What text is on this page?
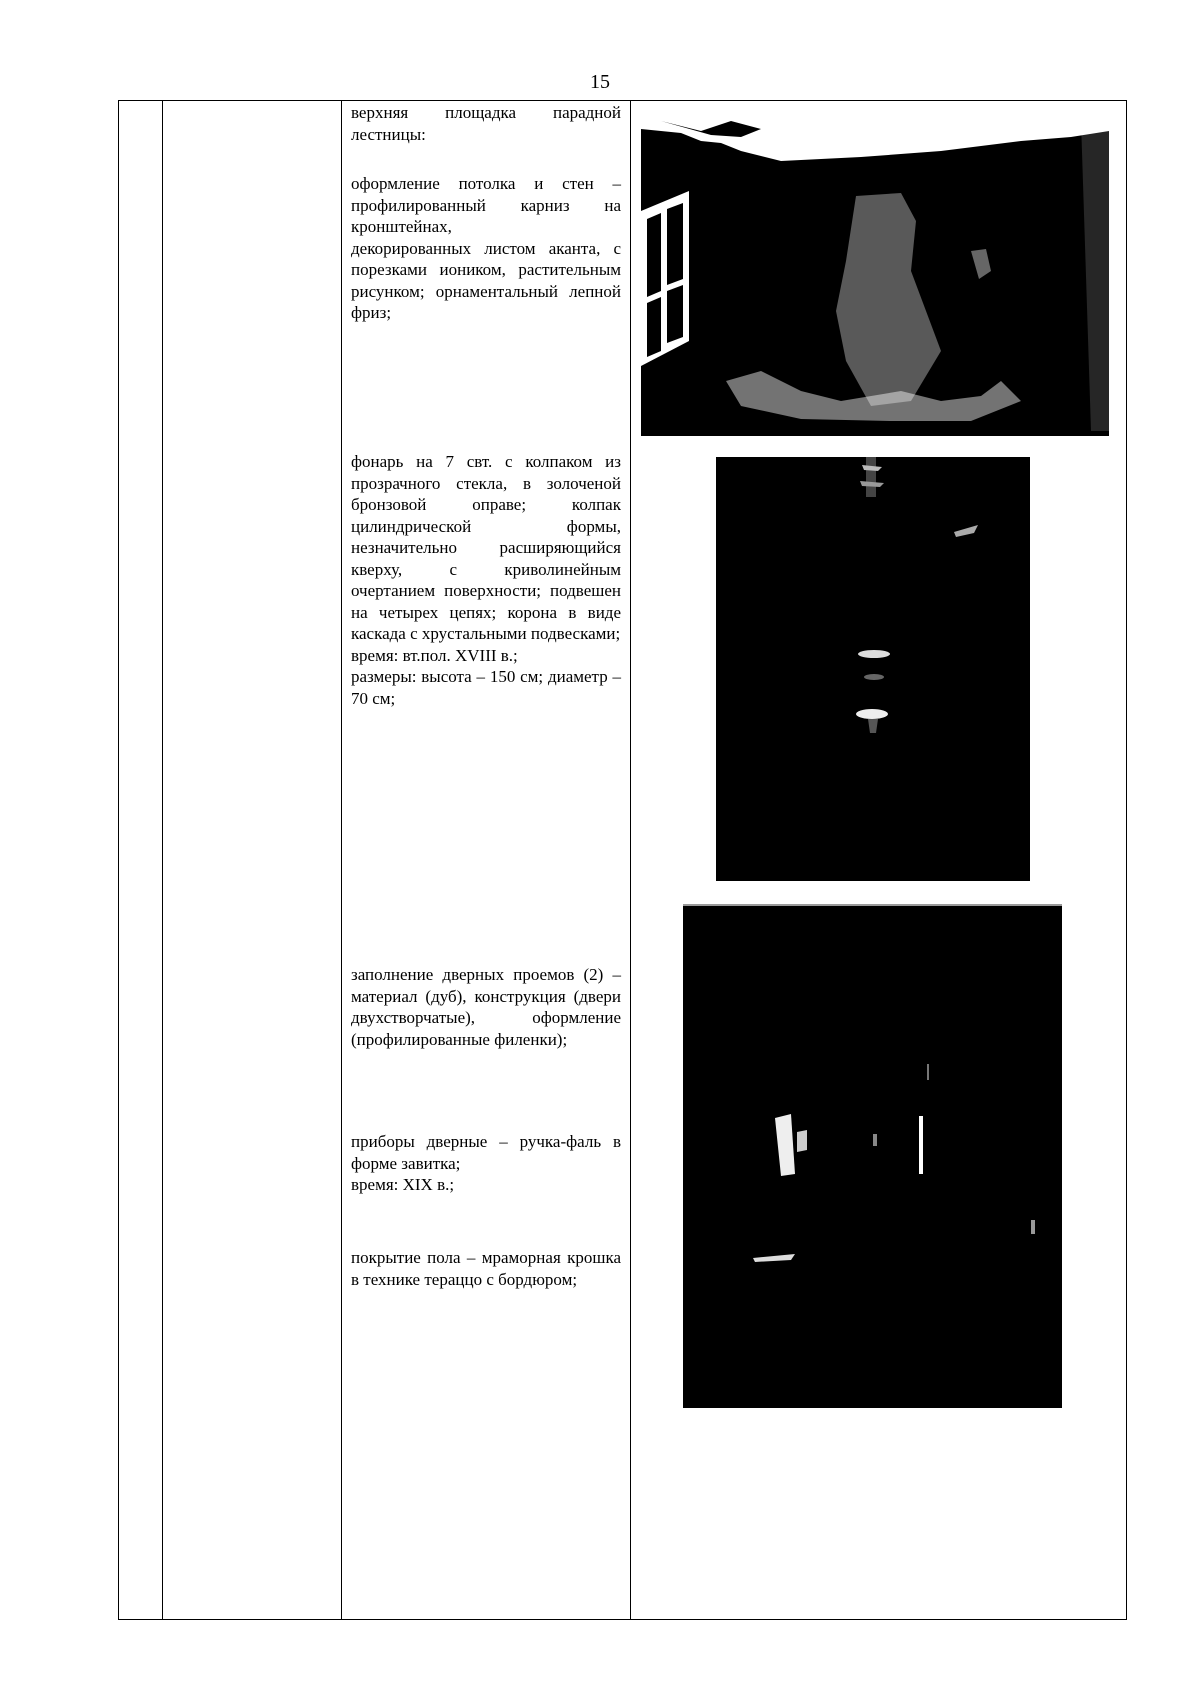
15

верхняя площадка парадной лестницы:

оформление потолка и стен – профилированный карниз на кронштейнах,

декорированных листом аканта, с порезками иоником, растительным рисунком; орнаментальный лепной фриз;

фонарь на 7 свт. с колпаком из прозрачного стекла, в золоченой бронзовой оправе; колпак цилиндрической формы, незначительно расширяющийся кверху, с криволинейным очертанием поверхности; подвешен на четырех цепях; корона в виде каскада с хрустальными подвесками;

время: вт.пол. XVIII в.;

размеры: высота – 150 см; диаметр – 70 см;

заполнение дверных проемов (2) – материал (дуб), конструкция (двери двухстворчатые), оформление (профилированные филенки);

приборы дверные – ручка-фаль в форме завитка;

время: XIX в.;

покрытие пола – мраморная крошка в технике тераццо с бордюром;
